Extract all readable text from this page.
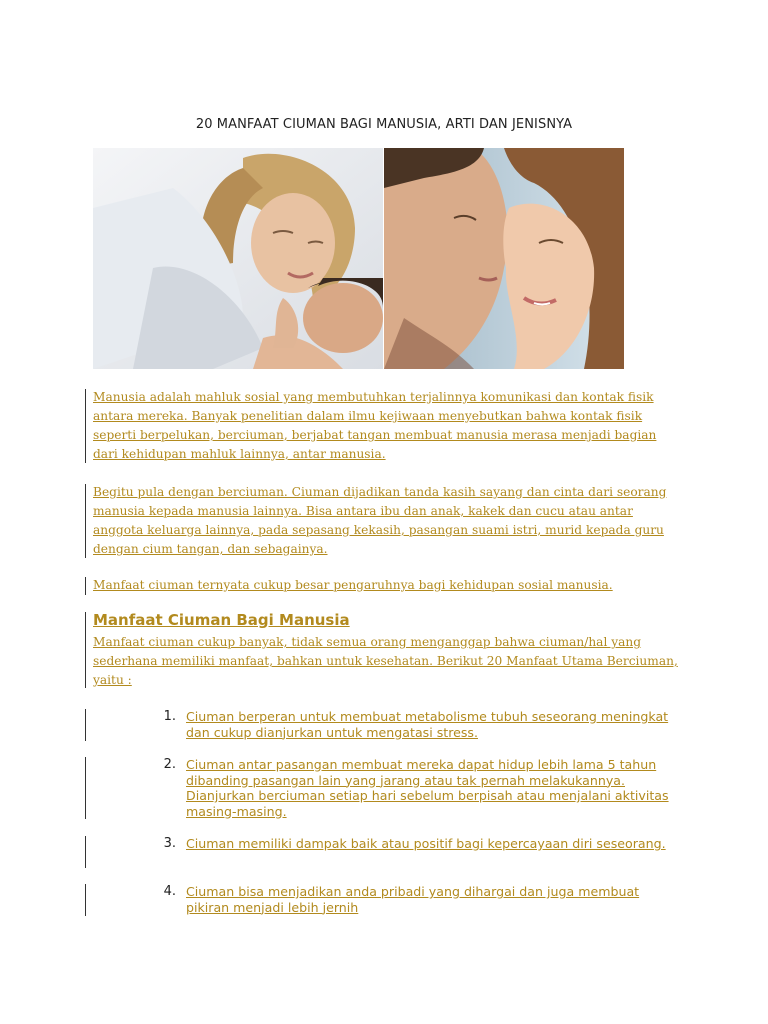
20 MANFAAT CIUMAN BAGI MANUSIA, ARTI DAN JENISNYA

Manusia adalah mahluk sosial yang membutuhkan terjalinnya komunikasi dan kontak fisik antara mereka. Banyak penelitian dalam ilmu kejiwaan menyebutkan bahwa kontak fisik seperti berpelukan, berciuman, berjabat tangan membuat manusia merasa menjadi bagian dari kehidupan mahluk lainnya, antar manusia.

Begitu pula dengan berciuman. Ciuman dijadikan tanda kasih sayang dan cinta dari seorang manusia kepada manusia lainnya. Bisa antara ibu dan anak, kakek dan cucu atau antar anggota keluarga lainnya, pada sepasang kekasih, pasangan suami istri, murid kepada guru dengan cium tangan, dan sebagainya.

Manfaat ciuman ternyata cukup besar pengaruhnya bagi kehidupan sosial manusia.

Manfaat Ciuman Bagi Manusia

Manfaat ciuman cukup banyak, tidak semua orang menganggap bahwa ciuman/hal yang sederhana memiliki manfaat, bahkan untuk kesehatan. Berikut 20 Manfaat Utama Berciuman, yaitu :

1. Ciuman berperan untuk membuat metabolisme tubuh seseorang meningkat dan cukup dianjurkan untuk mengatasi stress.
2. Ciuman antar pasangan membuat mereka dapat hidup lebih lama 5 tahun dibanding pasangan lain yang jarang atau tak pernah melakukannya. Dianjurkan berciuman setiap hari sebelum berpisah atau menjalani aktivitas masing-masing.
3. Ciuman memiliki dampak baik atau positif bagi kepercayaan diri seseorang.
4. Ciuman bisa menjadikan anda pribadi yang dihargai dan juga membuat pikiran menjadi lebih jernih
